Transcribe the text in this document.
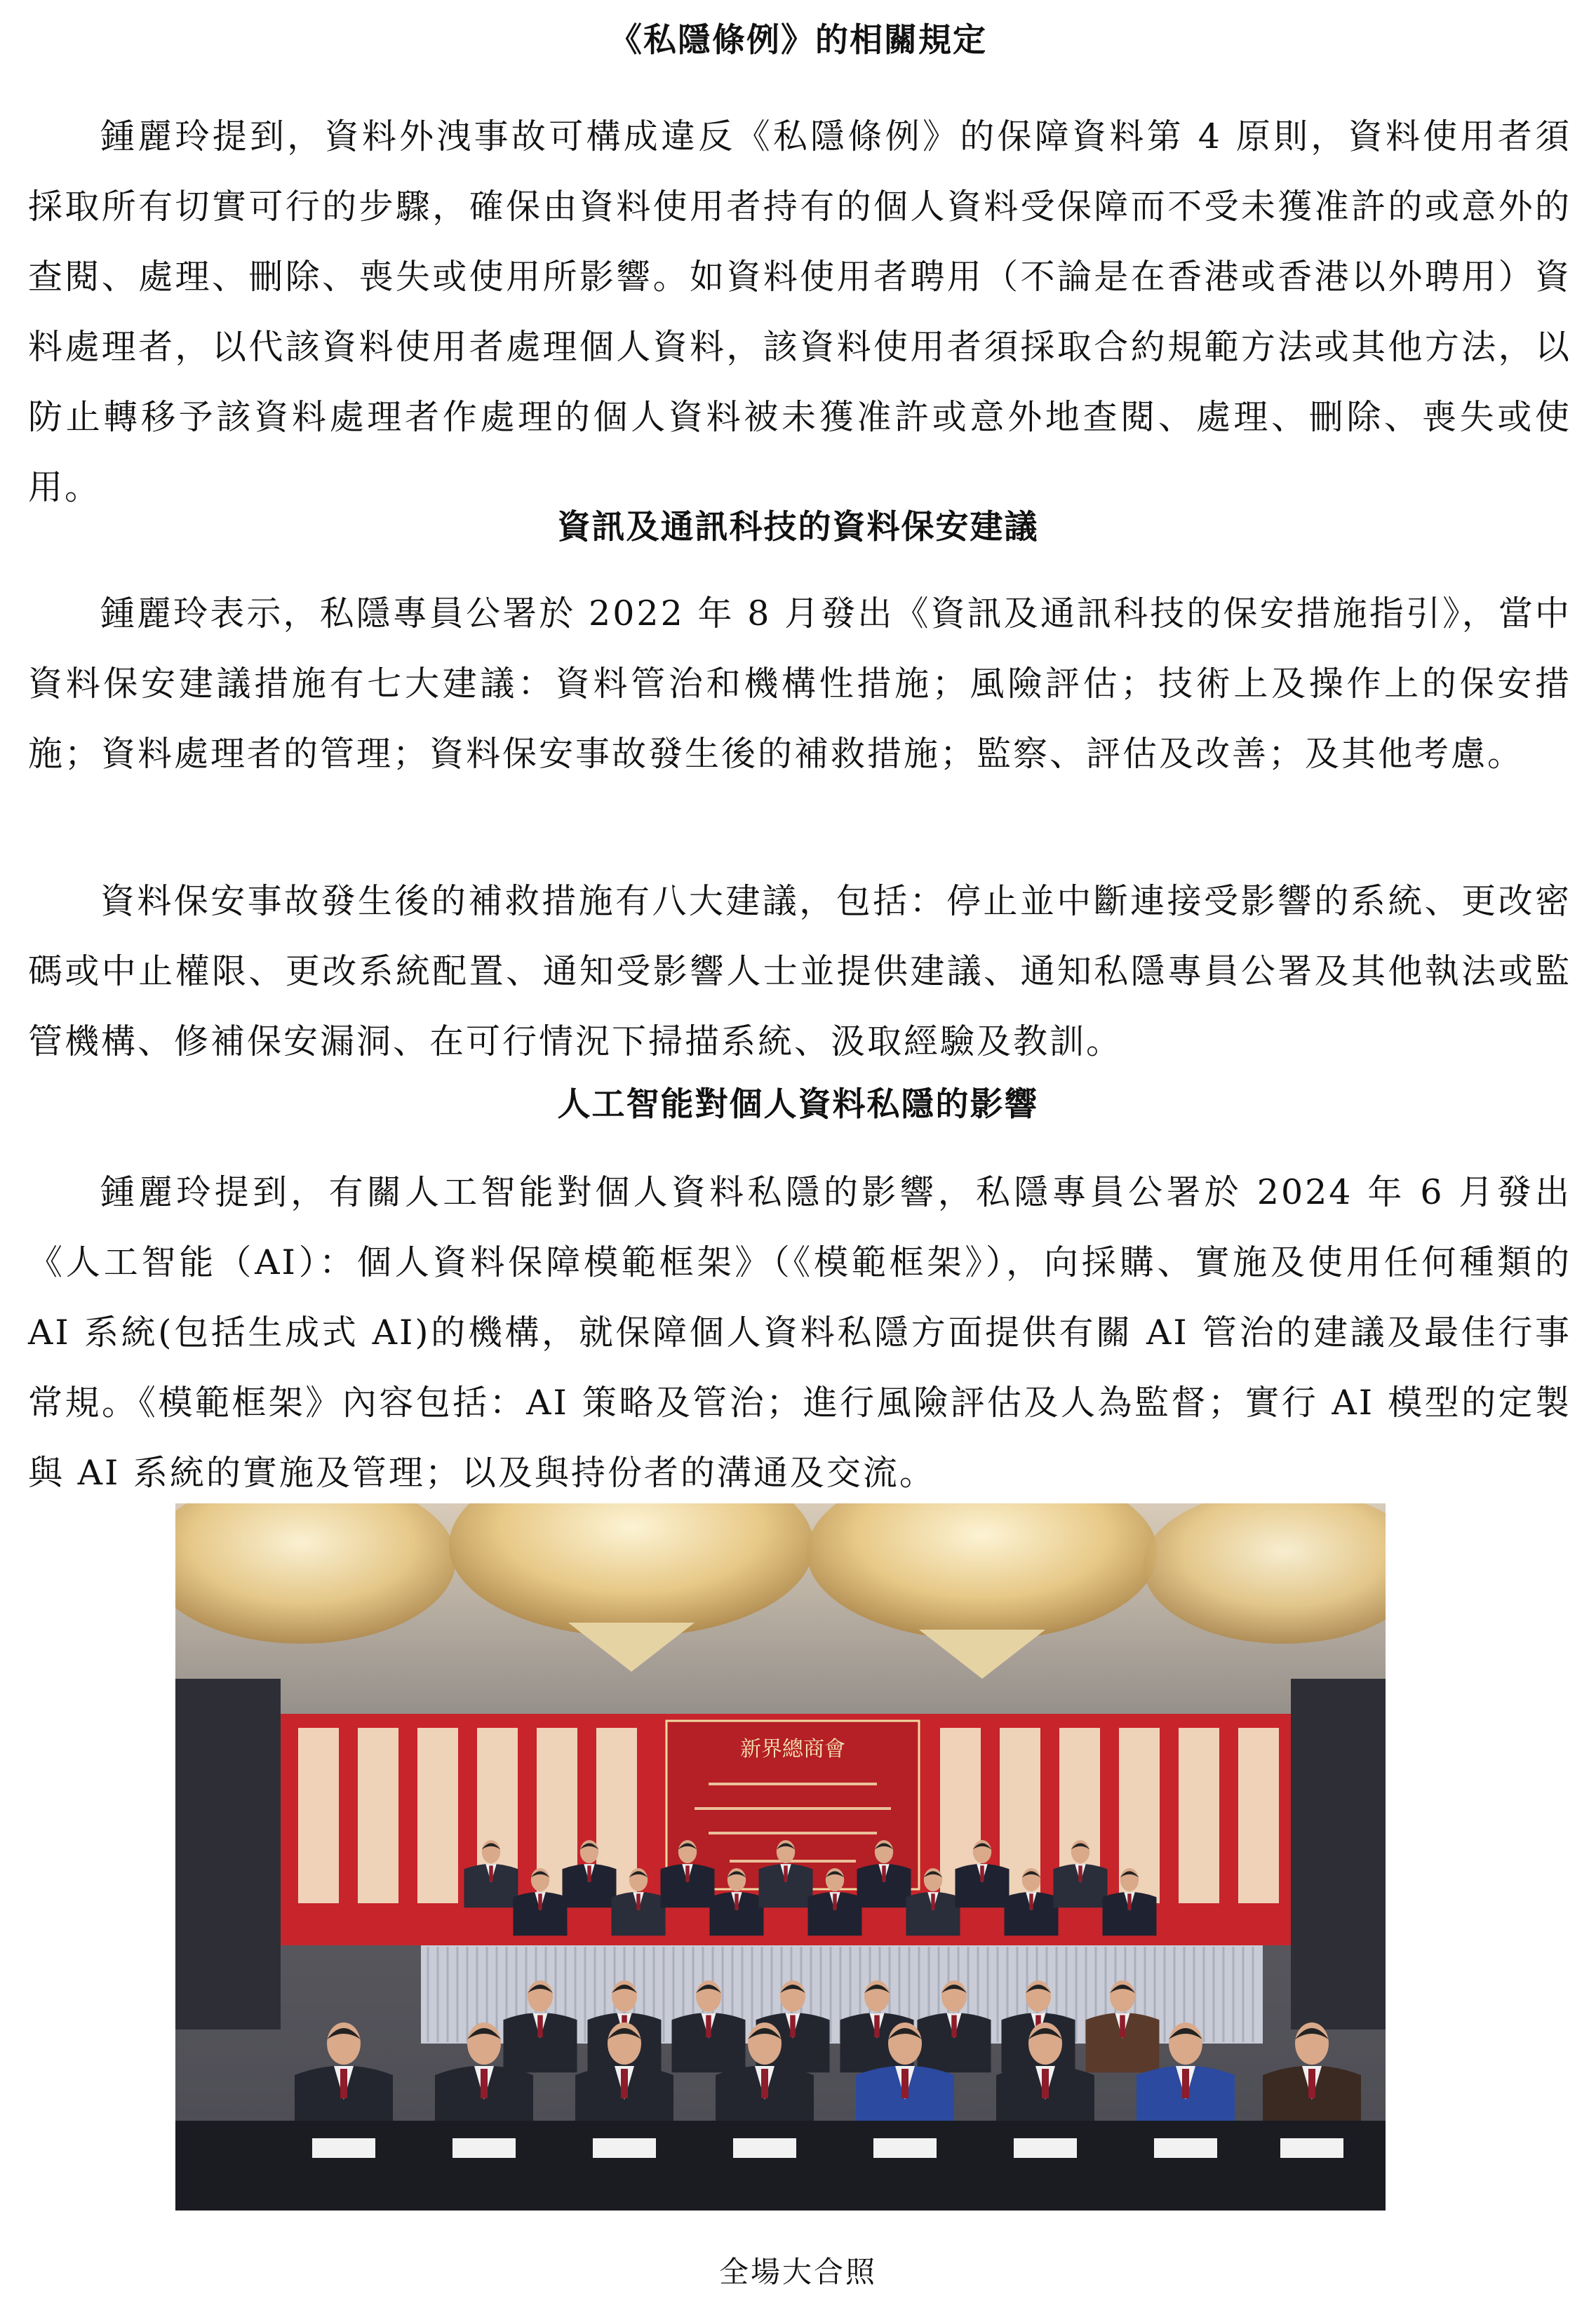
《私隱條例》的相關規定

鍾麗玲提到，資料外洩事故可構成違反《私隱條例》的保障資料第 4 原則，資料使用者須採取所有切實可行的步驟，確保由資料使用者持有的個人資料受保障而不受未獲准許的或意外的查閱、處理、刪除、喪失或使用所影響。如資料使用者聘用（不論是在香港或香港以外聘用）資料處理者，以代該資料使用者處理個人資料，該資料使用者須採取合約規範方法或其他方法，以防止轉移予該資料處理者作處理的個人資料被未獲准許或意外地查閱、處理、刪除、喪失或使用。

資訊及通訊科技的資料保安建議

鍾麗玲表示，私隱專員公署於 2022 年 8 月發出《資訊及通訊科技的保安措施指引》，當中資料保安建議措施有七大建議：資料管治和機構性措施；風險評估；技術上及操作上的保安措施；資料處理者的管理；資料保安事故發生後的補救措施；監察、評估及改善；及其他考慮。

資料保安事故發生後的補救措施有八大建議，包括：停止並中斷連接受影響的系統、更改密碼或中止權限、更改系統配置、通知受影響人士並提供建議、通知私隱專員公署及其他執法或監管機構、修補保安漏洞、在可行情況下掃描系統、汲取經驗及教訓。

人工智能對個人資料私隱的影響

鍾麗玲提到，有關人工智能對個人資料私隱的影響，私隱專員公署於 2024 年 6 月發出《人工智能（AI）：個人資料保障模範框架》（《模範框架》），向採購、實施及使用任何種類的 AI 系統(包括生成式 AI)的機構，就保障個人資料私隱方面提供有關 AI 管治的建議及最佳行事常規。《模範框架》內容包括：AI 策略及管治；進行風險評估及人為監督；實行 AI 模型的定製與 AI 系統的實施及管理；以及與持份者的溝通及交流。

新界總商會
全場大合照
